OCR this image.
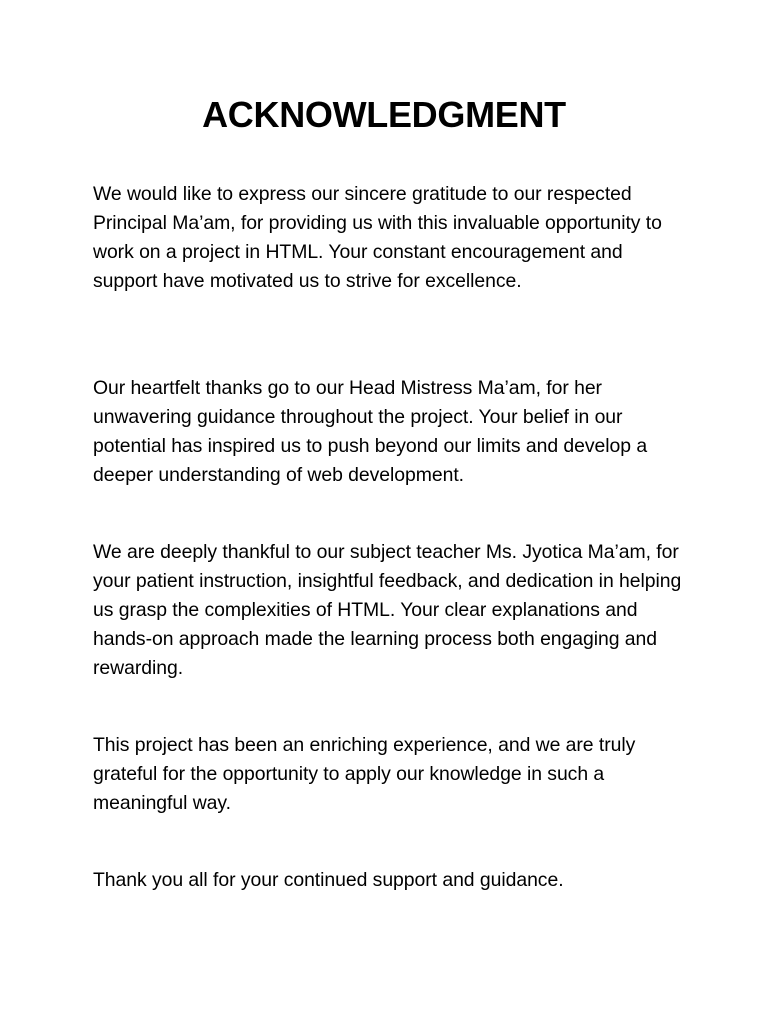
ACKNOWLEDGMENT

We would like to express our sincere gratitude to our respected Principal Ma’am, for providing us with this invaluable opportunity to work on a project in HTML. Your constant encouragement and support have motivated us to strive for excellence.

Our heartfelt thanks go to our Head Mistress Ma’am, for her unwavering guidance throughout the project. Your belief in our potential has inspired us to push beyond our limits and develop a deeper understanding of web development.

We are deeply thankful to our subject teacher Ms. Jyotica Ma’am, for your patient instruction, insightful feedback, and dedication in helping us grasp the complexities of HTML. Your clear explanations and hands-on approach made the learning process both engaging and rewarding.

This project has been an enriching experience, and we are truly grateful for the opportunity to apply our knowledge in such a meaningful way.

Thank you all for your continued support and guidance.
